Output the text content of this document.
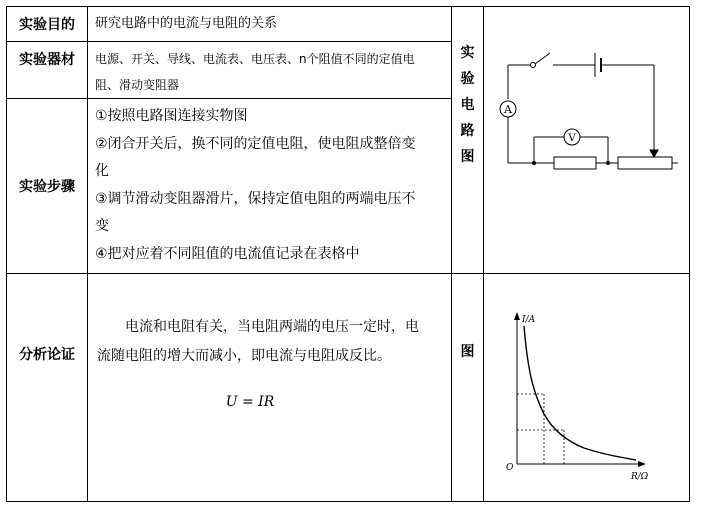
实验目的	研究电路中的电流与电阻的关系
实验器材	电源、开关、导线、电流表、电压表、n个阻值不同的定值电
阻、滑动变阻器
实验步骤
①按照电路图连接实物图
②闭合开关后，换不同的定值电阻，使电阻成整倍变
化
③调节滑动变阻器滑片，保持定值电阻的两端电压不
变
④把对应着不同阻值的电流值记录在表格中
实
验
电
路
图
A
V
分析论证
电流和电阻有关，当电阻两端的电压一定时，电
流随电阻的增大而减小，即电流与电阻成反比。
U = IR
图
I/A
R/Ω
O
